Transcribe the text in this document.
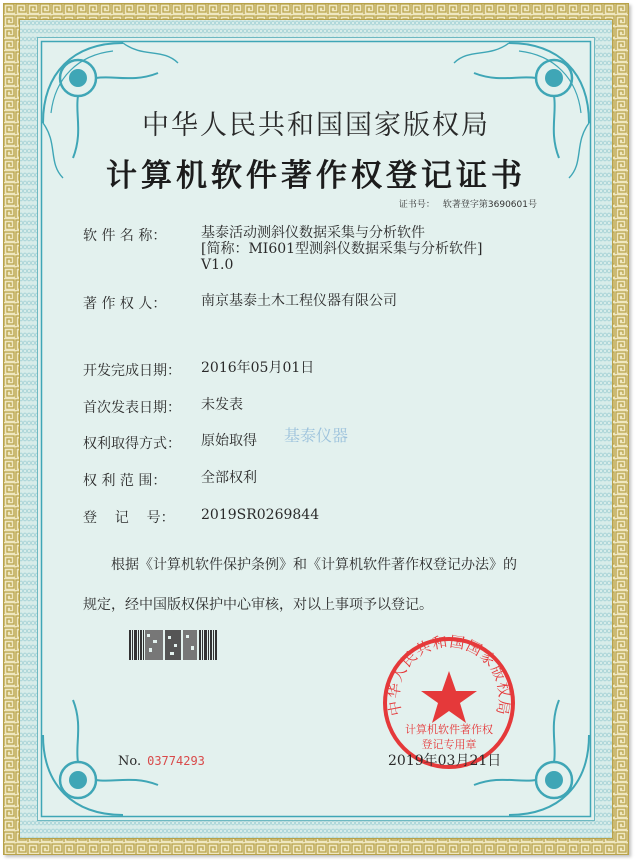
中华人民共和国国家版权局
计算机软件著作权登记证书
证书号： 软著登字第3690601号
软 件 名 称： 基泰活动测斜仪数据采集与分析软件
[简称：MI601型测斜仪数据采集与分析软件]
V1.0
著 作 权 人： 南京基泰土木工程仪器有限公司
开发完成日期： 2016年05月01日
首次发表日期： 未发表
权利取得方式： 原始取得 基泰仪器
权 利 范 围： 全部权利
登    记    号： 2019SR0269844
根据《计算机软件保护条例》和《计算机软件著作权登记办法》的
规定，经中国版权保护中心审核，对以上事项予以登记。
No. 03774293
中华人民共和国国家版权局
计算机软件著作权
登记专用章
2019年03月21日
